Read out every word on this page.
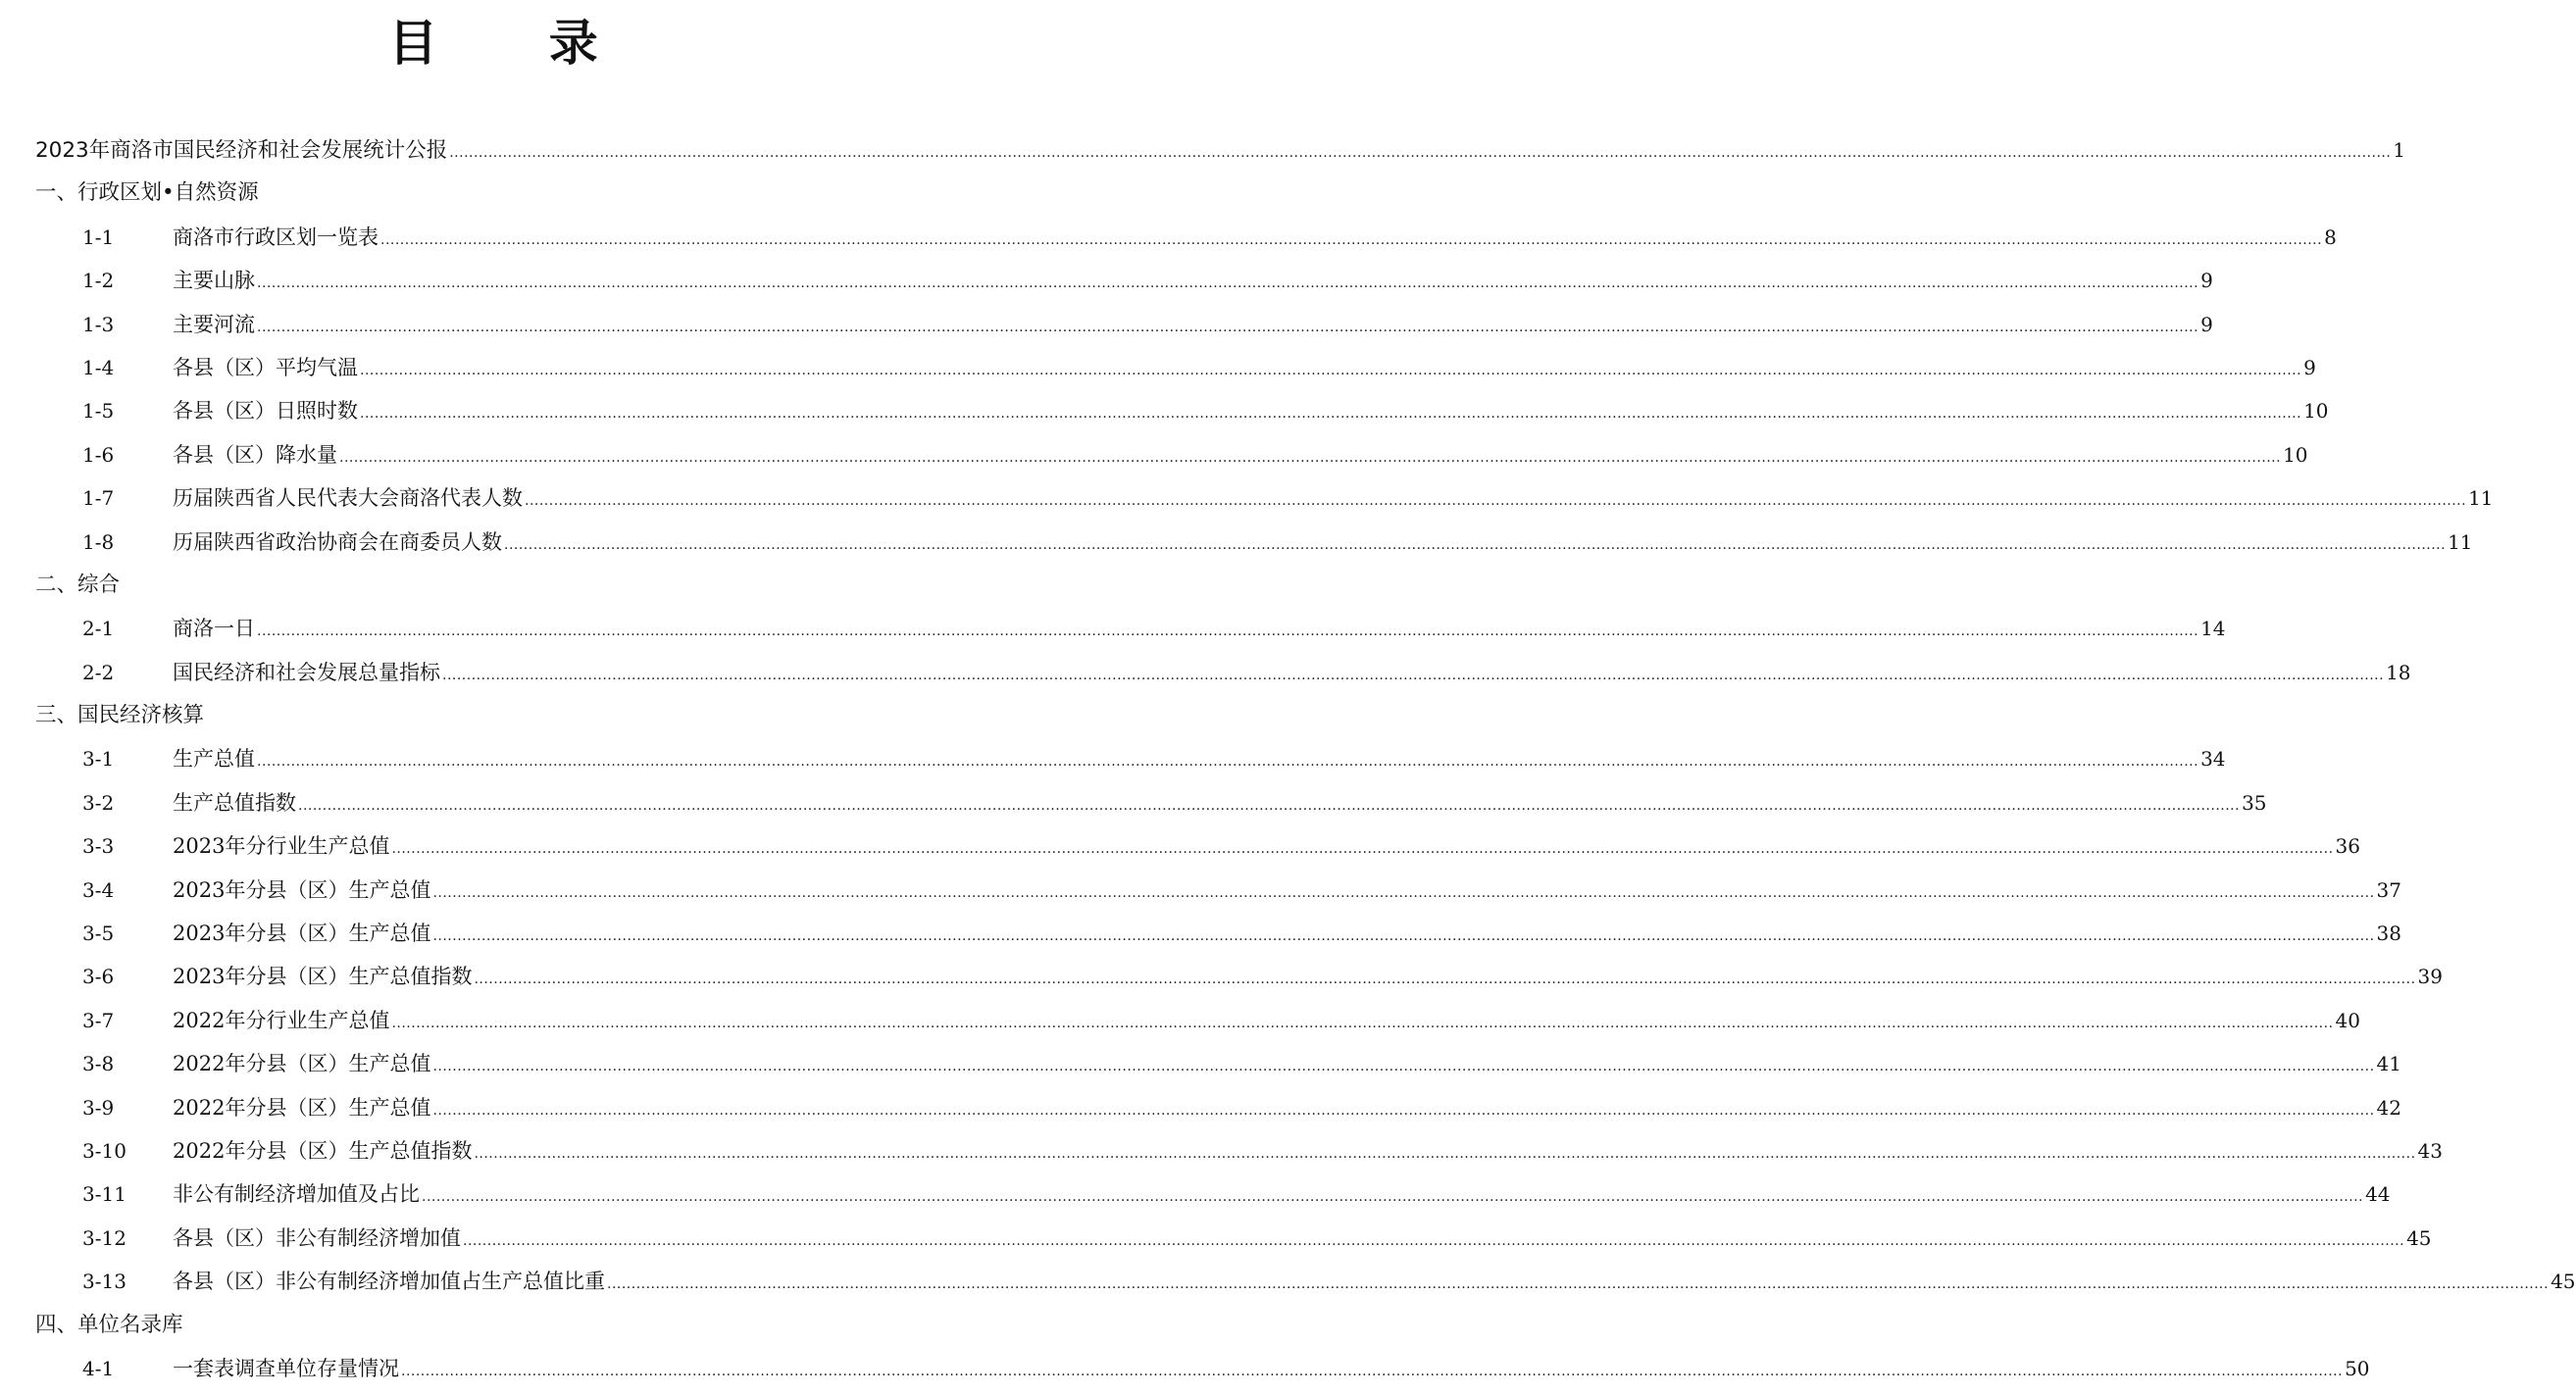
目 录
2023年商洛市国民经济和社会发展统计公报 ................................................................................................................................................................................................................................................................................................................................................................................................................ 1
一、行政区划•自然资源
1-1	商洛市行政区划一览表 ................................................................................................................................................................................................................................................................................................................................................................................................................ 8
1-2	主要山脉 ................................................................................................................................................................................................................................................................................................................................................................................................................ 9
1-3	主要河流 ................................................................................................................................................................................................................................................................................................................................................................................................................ 9
1-4	各县（区）平均气温 ................................................................................................................................................................................................................................................................................................................................................................................................................ 9
1-5	各县（区）日照时数 ................................................................................................................................................................................................................................................................................................................................................................................................................ 10
1-6	各县（区）降水量 ................................................................................................................................................................................................................................................................................................................................................................................................................ 10
1-7	历届陕西省人民代表大会商洛代表人数 ................................................................................................................................................................................................................................................................................................................................................................................................................ 11
1-8	历届陕西省政治协商会在商委员人数 ................................................................................................................................................................................................................................................................................................................................................................................................................ 11
二、综合
2-1	商洛一日 ................................................................................................................................................................................................................................................................................................................................................................................................................ 14
2-2	国民经济和社会发展总量指标 ................................................................................................................................................................................................................................................................................................................................................................................................................ 18
三、国民经济核算
3-1	生产总值 ................................................................................................................................................................................................................................................................................................................................................................................................................ 34
3-2	生产总值指数 ................................................................................................................................................................................................................................................................................................................................................................................................................ 35
3-3	2023年分行业生产总值 ................................................................................................................................................................................................................................................................................................................................................................................................................ 36
3-4	2023年分县（区）生产总值 ................................................................................................................................................................................................................................................................................................................................................................................................................ 37
3-5	2023年分县（区）生产总值 ................................................................................................................................................................................................................................................................................................................................................................................................................ 38
3-6	2023年分县（区）生产总值指数 ................................................................................................................................................................................................................................................................................................................................................................................................................ 39
3-7	2022年分行业生产总值 ................................................................................................................................................................................................................................................................................................................................................................................................................ 40
3-8	2022年分县（区）生产总值 ................................................................................................................................................................................................................................................................................................................................................................................................................ 41
3-9	2022年分县（区）生产总值 ................................................................................................................................................................................................................................................................................................................................................................................................................ 42
3-10	2022年分县（区）生产总值指数 ................................................................................................................................................................................................................................................................................................................................................................................................................ 43
3-11	非公有制经济增加值及占比 ................................................................................................................................................................................................................................................................................................................................................................................................................ 44
3-12	各县（区）非公有制经济增加值 ................................................................................................................................................................................................................................................................................................................................................................................................................ 45
3-13	各县（区）非公有制经济增加值占生产总值比重 ................................................................................................................................................................................................................................................................................................................................................................................................................ 45
四、单位名录库
4-1	一套表调查单位存量情况 ................................................................................................................................................................................................................................................................................................................................................................................................................ 50
